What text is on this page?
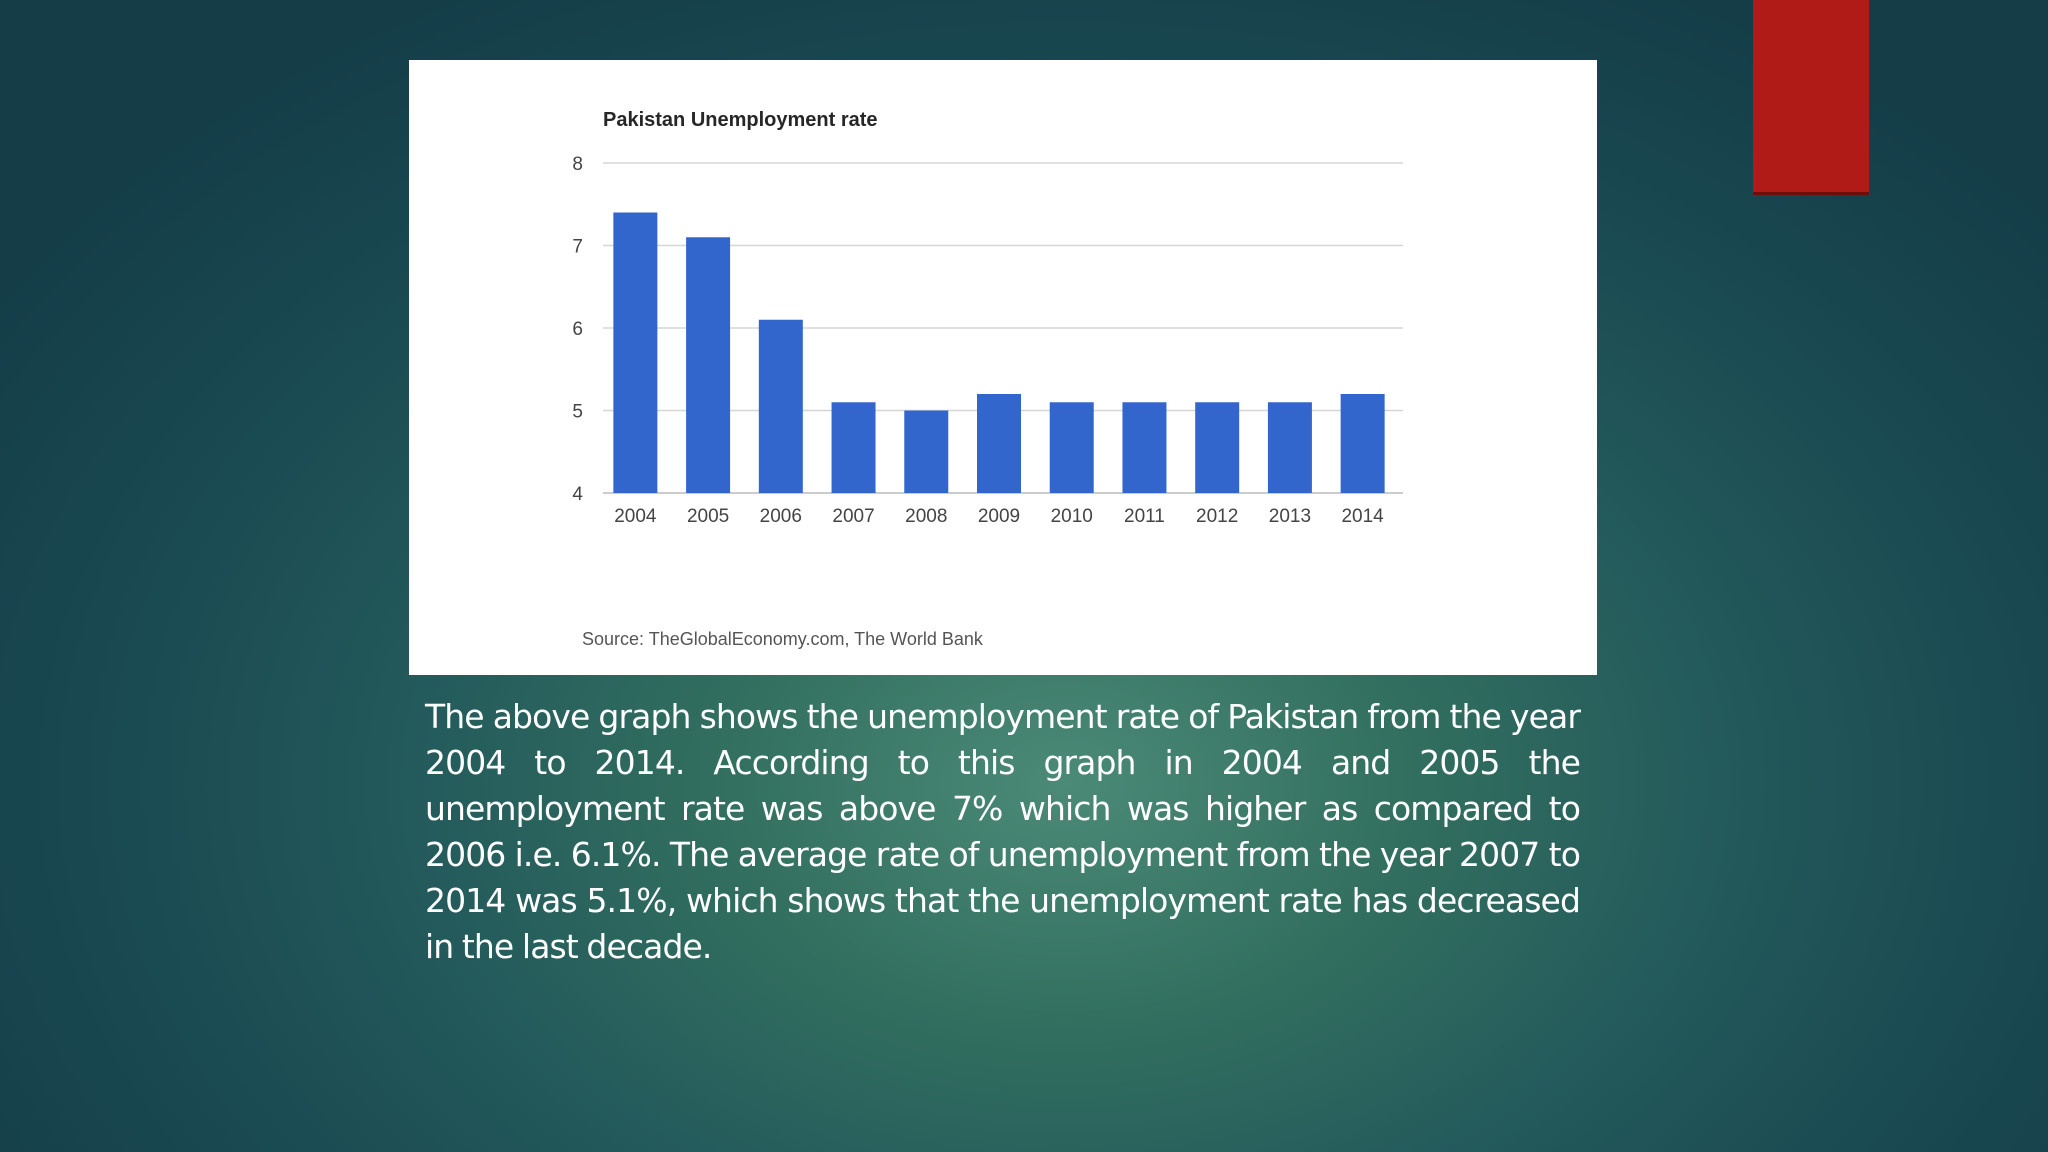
Pakistan Unemployment rate
4
5
6
7
8
2004 2005 2006 2007 2008 2009 2010 2011 2012 2013 2014
Source: TheGlobalEconomy.com, The World Bank

The above graph shows the unemployment rate of Pakistan from the year 2004 to 2014. According to this graph in 2004 and 2005 the unemployment rate was above 7% which was higher as compared to 2006 i.e. 6.1%. The average rate of unemployment from the year 2007 to 2014 was 5.1%, which shows that the unemployment rate has decreased in the last decade.
